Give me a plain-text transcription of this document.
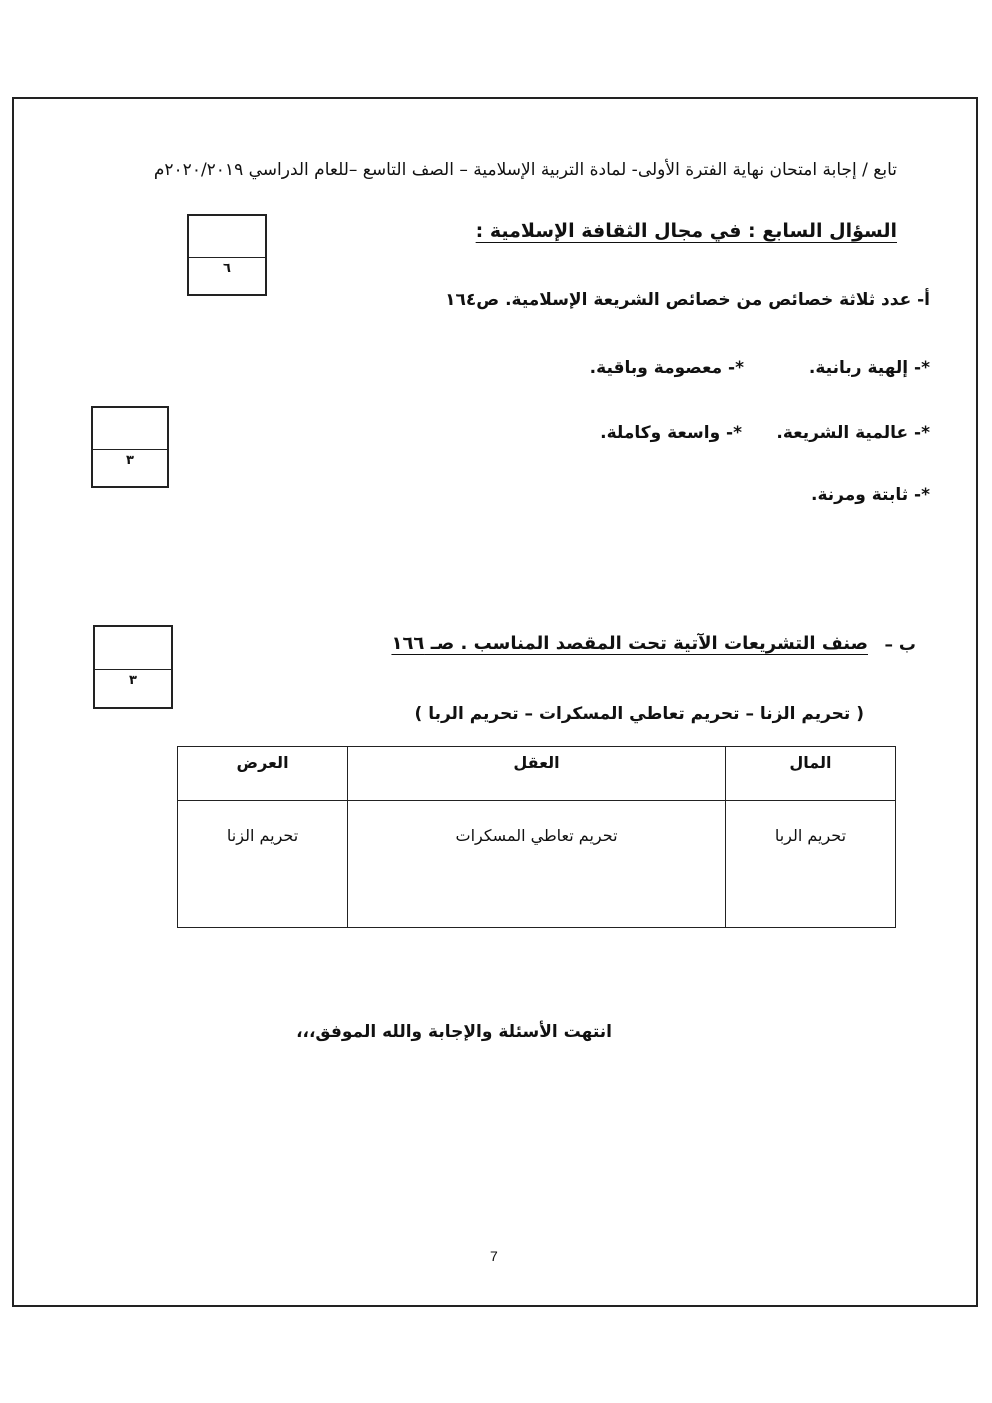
تابع / إجابة امتحان نهاية الفترة الأولى- لمادة التربية الإسلامية – الصف التاسع –للعام الدراسي ٢٠٢٠/٢٠١٩م
السؤال السابع : في مجال الثقافة الإسلامية :
٦
أ- عدد ثلاثة خصائص من خصائص الشريعة الإسلامية. ص١٦٤
*- إلهية ربانية.
*- معصومة وباقية.
*- عالمية الشريعة.
*- واسعة وكاملة.
*- ثابتة ومرنة.
٣
ب –
صنف التشريعات الآتية تحت المقصد المناسب . صـ ١٦٦
٣
( تحريم الزنا – تحريم تعاطي المسكرات – تحريم الربا )
المال	العقل	العرض
تحريم الربا	تحريم تعاطي المسكرات	تحريم الزنا
انتهت الأسئلة والإجابة والله الموفق،،،
7
